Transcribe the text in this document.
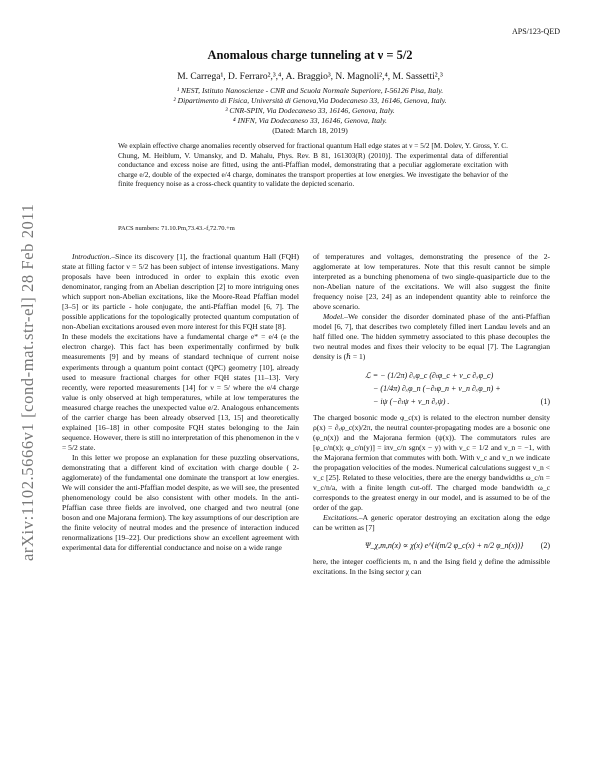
APS/123-QED
arXiv:1102.5666v1 [cond-mat.str-el] 28 Feb 2011
Anomalous charge tunneling at ν = 5/2
M. Carrega¹, D. Ferraro²,³,⁴, A. Braggio³, N. Magnoli²,⁴, M. Sassetti²,³
¹ NEST, Istituto Nanoscienze - CNR and Scuola Normale Superiore, I-56126 Pisa, Italy.
² Dipartimento di Fisica, Università di Genova,Via Dodecaneso 33, 16146, Genova, Italy.
³ CNR-SPIN, Via Dodecaneso 33, 16146, Genova, Italy.
⁴ INFN, Via Dodecaneso 33, 16146, Genova, Italy.
(Dated: March 18, 2019)
We explain effective charge anomalies recently observed for fractional quantum Hall edge states at ν = 5/2 [M. Dolev, Y. Gross, Y. C. Chung, M. Heiblum, V. Umansky, and D. Mahalu, Phys. Rev. B 81, 161303(R) (2010)]. The experimental data of differential conductance and excess noise are fitted, using the anti-Pfaffian model, demonstrating that a peculiar agglomerate excitation with charge e/2, double of the expected e/4 charge, dominates the transport properties at low energies. We investigate the behavior of the finite frequency noise as a cross-check quantity to validate the depicted scenario.
PACS numbers: 71.10.Pm,73.43.-f,72.70.+m

Introduction.–Since its discovery [1], the fractional quantum Hall (FQH) state at filling factor ν = 5/2 has been subject of intense investigations. Many proposals have been introduced in order to explain this exotic even denominator, ranging from an Abelian description [2] to more intriguing ones which support non-Abelian excitations, like the Moore-Read Pfaffian model [3–5] or its particle - hole conjugate, the anti-Pfaffian model [6, 7]. The possible applications for the topologically protected quantum computation of non-Abelian excitations aroused even more interest for this FQH state [8].

In these models the excitations have a fundamental charge e* = e/4 (e the electron charge). This fact has been experimentally confirmed by bulk measurements [9] and by means of standard technique of current noise experiments through a quantum point contact (QPC) geometry [10], already used to measure fractional charges for other FQH states [11–13]. Very recently, were reported measurements [14] for ν = 5/ where the e/4 charge value is only observed at high temperatures, while at low temperatures the measured charge reaches the unexpected value e/2. Analogous enhancements of the carrier charge has been already observed [13, 15] and theoretically explained [16–18] in other composite FQH states belonging to the Jain sequence. However, there is still no interpretation of this phenomenon in the ν = 5/2 state.

In this letter we propose an explanation for these puzzling observations, demonstrating that a different kind of excitation with charge double ( 2-agglomerate) of the fundamental one dominate the transport at low energies. We will consider the anti-Pfaffian model despite, as we will see, the presented phenomenology could be also consistent with other models. In the anti-Pfaffian case three fields are involved, one charged and two neutral (one boson and one Majorana fermion). The key assumptions of our description are the finite velocity of neutral modes and the presence of interaction induced renormalizations [19–22]. Our predictions show an excellent agreement with experimental data for differential conductance and noise on a wide range

of temperatures and voltages, demonstrating the presence of the 2-agglomerate at low temperatures. Note that this result cannot be simple interpreted as a bunching phenomena of two single-quasiparticle due to the non-Abelian nature of the excitations. We will also suggest the finite frequency noise [23, 24] as an independent quantity able to reinforce the above scenario.

Model.–We consider the disorder dominated phase of the anti-Pfaffian model [6, 7], that describes two completely filled inert Landau levels and an half filled one. The hidden symmetry associated to this phase decouples the two neutral modes and fixes their velocity to be equal [7]. The Lagrangian density is (ℏ = 1)

ℒ = − (1/2π) ∂ₓφ_c (∂ₜφ_c + v_c ∂ₓφ_c)
− (1/4π) ∂ₓφ_n (−∂ₜφ_n + v_n ∂ₓφ_n) +
− iψ (−∂ₜψ + v_n ∂ₓψ) .	(1)

The charged bosonic mode φ_c(x) is related to the electron number density ρ(x) = ∂ₓφ_c(x)/2π, the neutral counter-propagating modes are a bosonic one (φ_n(x)) and the Majorana fermion (ψ(x)). The commutators rules are [φ_c/n(x); φ_c/n(y)] = iπν_c/n sgn(x − y) with ν_c = 1/2 and ν_n = −1, with the Majorana fermion that commutes with both. With v_c and v_n we indicate the propagation velocities of the modes. Numerical calculations suggest v_n < v_c [25]. Related to these velocities, there are the energy bandwidths ω_c/n = v_c/n/a, with a finite length cut-off. The charged mode bandwidth ω_c corresponds to the greatest energy in our model, and is assumed to be of the order of the gap.

Excitations.–A generic operator destroying an excitation along the edge can be written as [7]

Ψ_χ,m,n(x) ∝ χ(x) e^{i(m/2 φ_c(x) + n/2 φ_n(x))} (2)

here, the integer coefficients m, n and the Ising field χ define the admissible excitations. In the Ising sector χ can
